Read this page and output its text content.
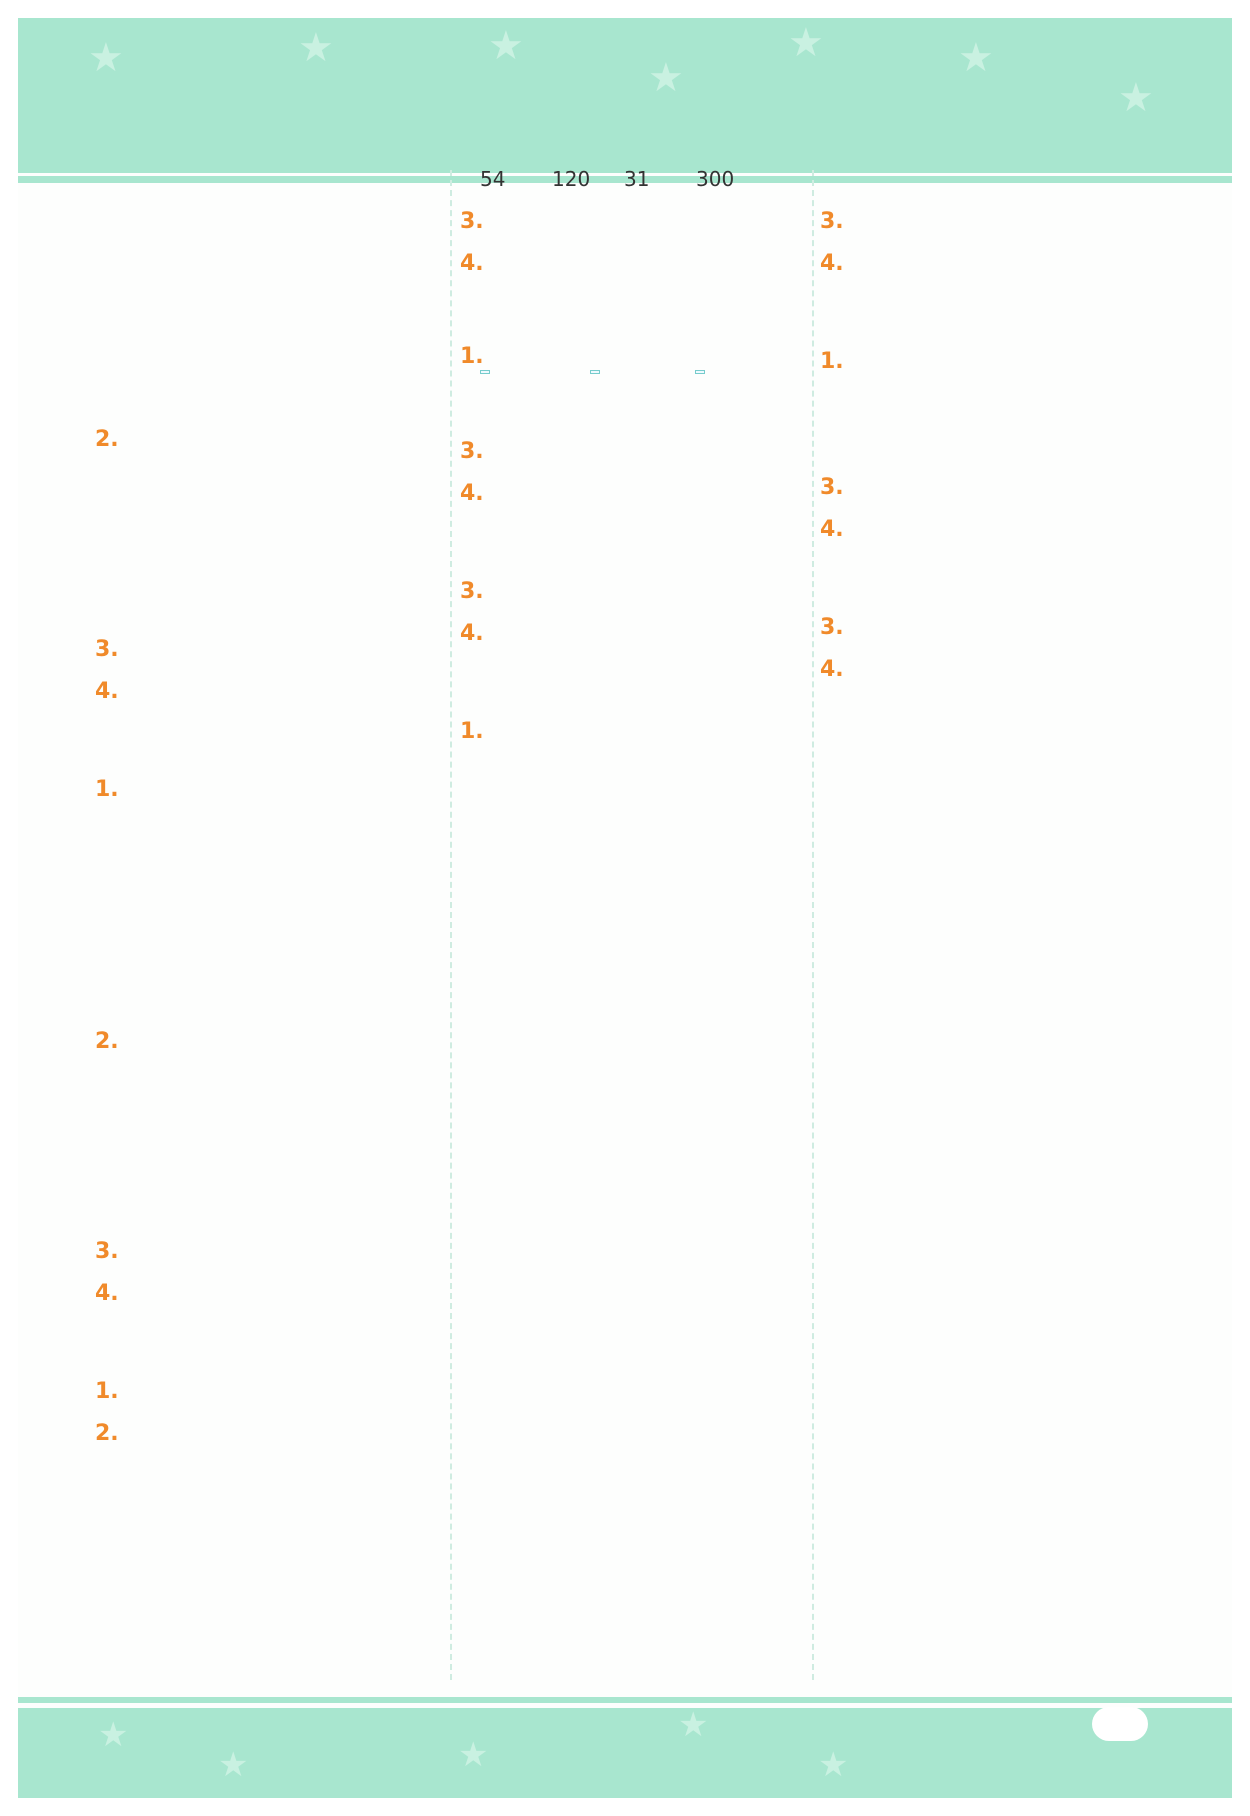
★	★	★
★
★	★
★
2.
3.
4.
1.
2.
3.
4.
1.
2.
54 120 31 300
3.
4.
1.
3.
4.
3.
4.
1.
3.
4.
1.
3.
4.
3.
4.
★
★	★
★
★
